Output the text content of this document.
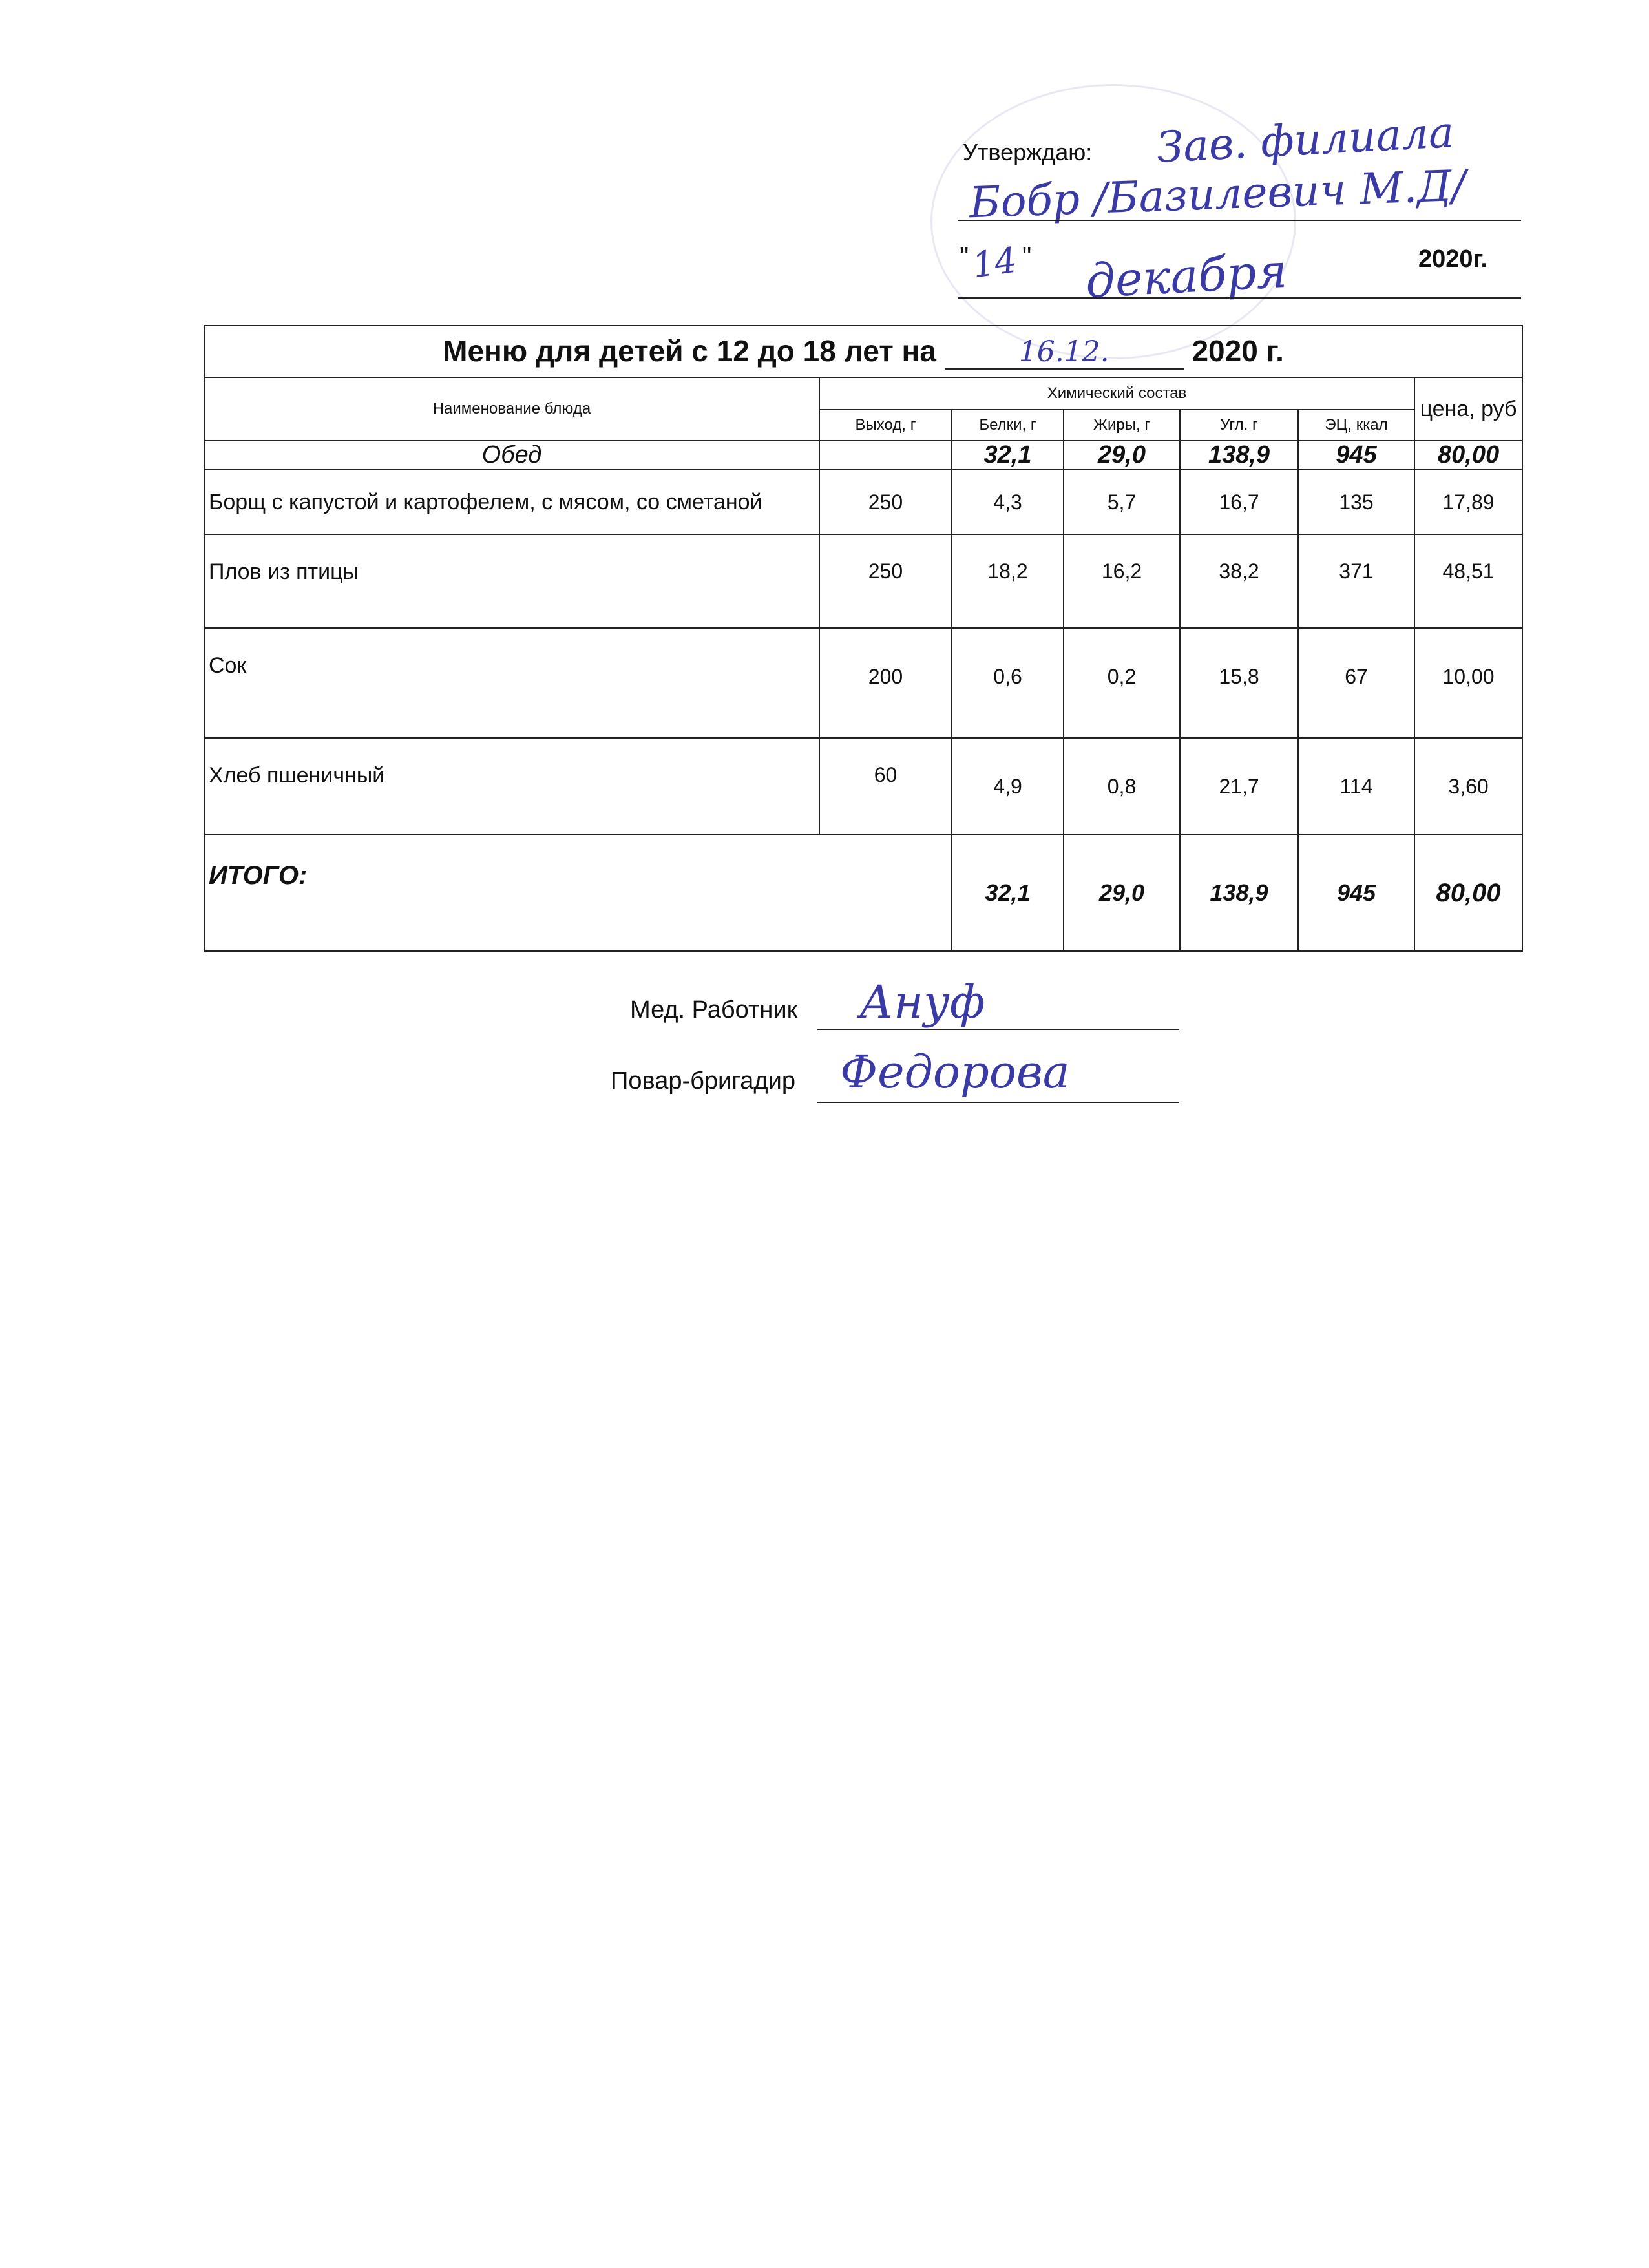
Утверждаю: Зав. филиала
Бобр /Базилевич М.Д/
" 14 " декабря	2020г.
Меню для детей с 12 до 18 лет на 16.12. 2020 г.						
Наименование блюда	Химический состав					цена, руб
	Выход, г	Белки, г	Жиры, г	Угл. г	ЭЦ, ккал	
Обед		32,1	29,0	138,9	945	80,00
Борщ с капустой и картофелем, с мясом, со сметаной	250	4,3	5,7	16,7	135	17,89
Плов из птицы	250	18,2	16,2	38,2	371	48,51
Сок	200	0,6	0,2	15,8	67	10,00
Хлеб пшеничный	60	4,9	0,8	21,7	114	3,60
ИТОГО:		32,1	29,0	138,9	945	80,00
Мед. Работник Ануф
Повар-бригадир Федорова
